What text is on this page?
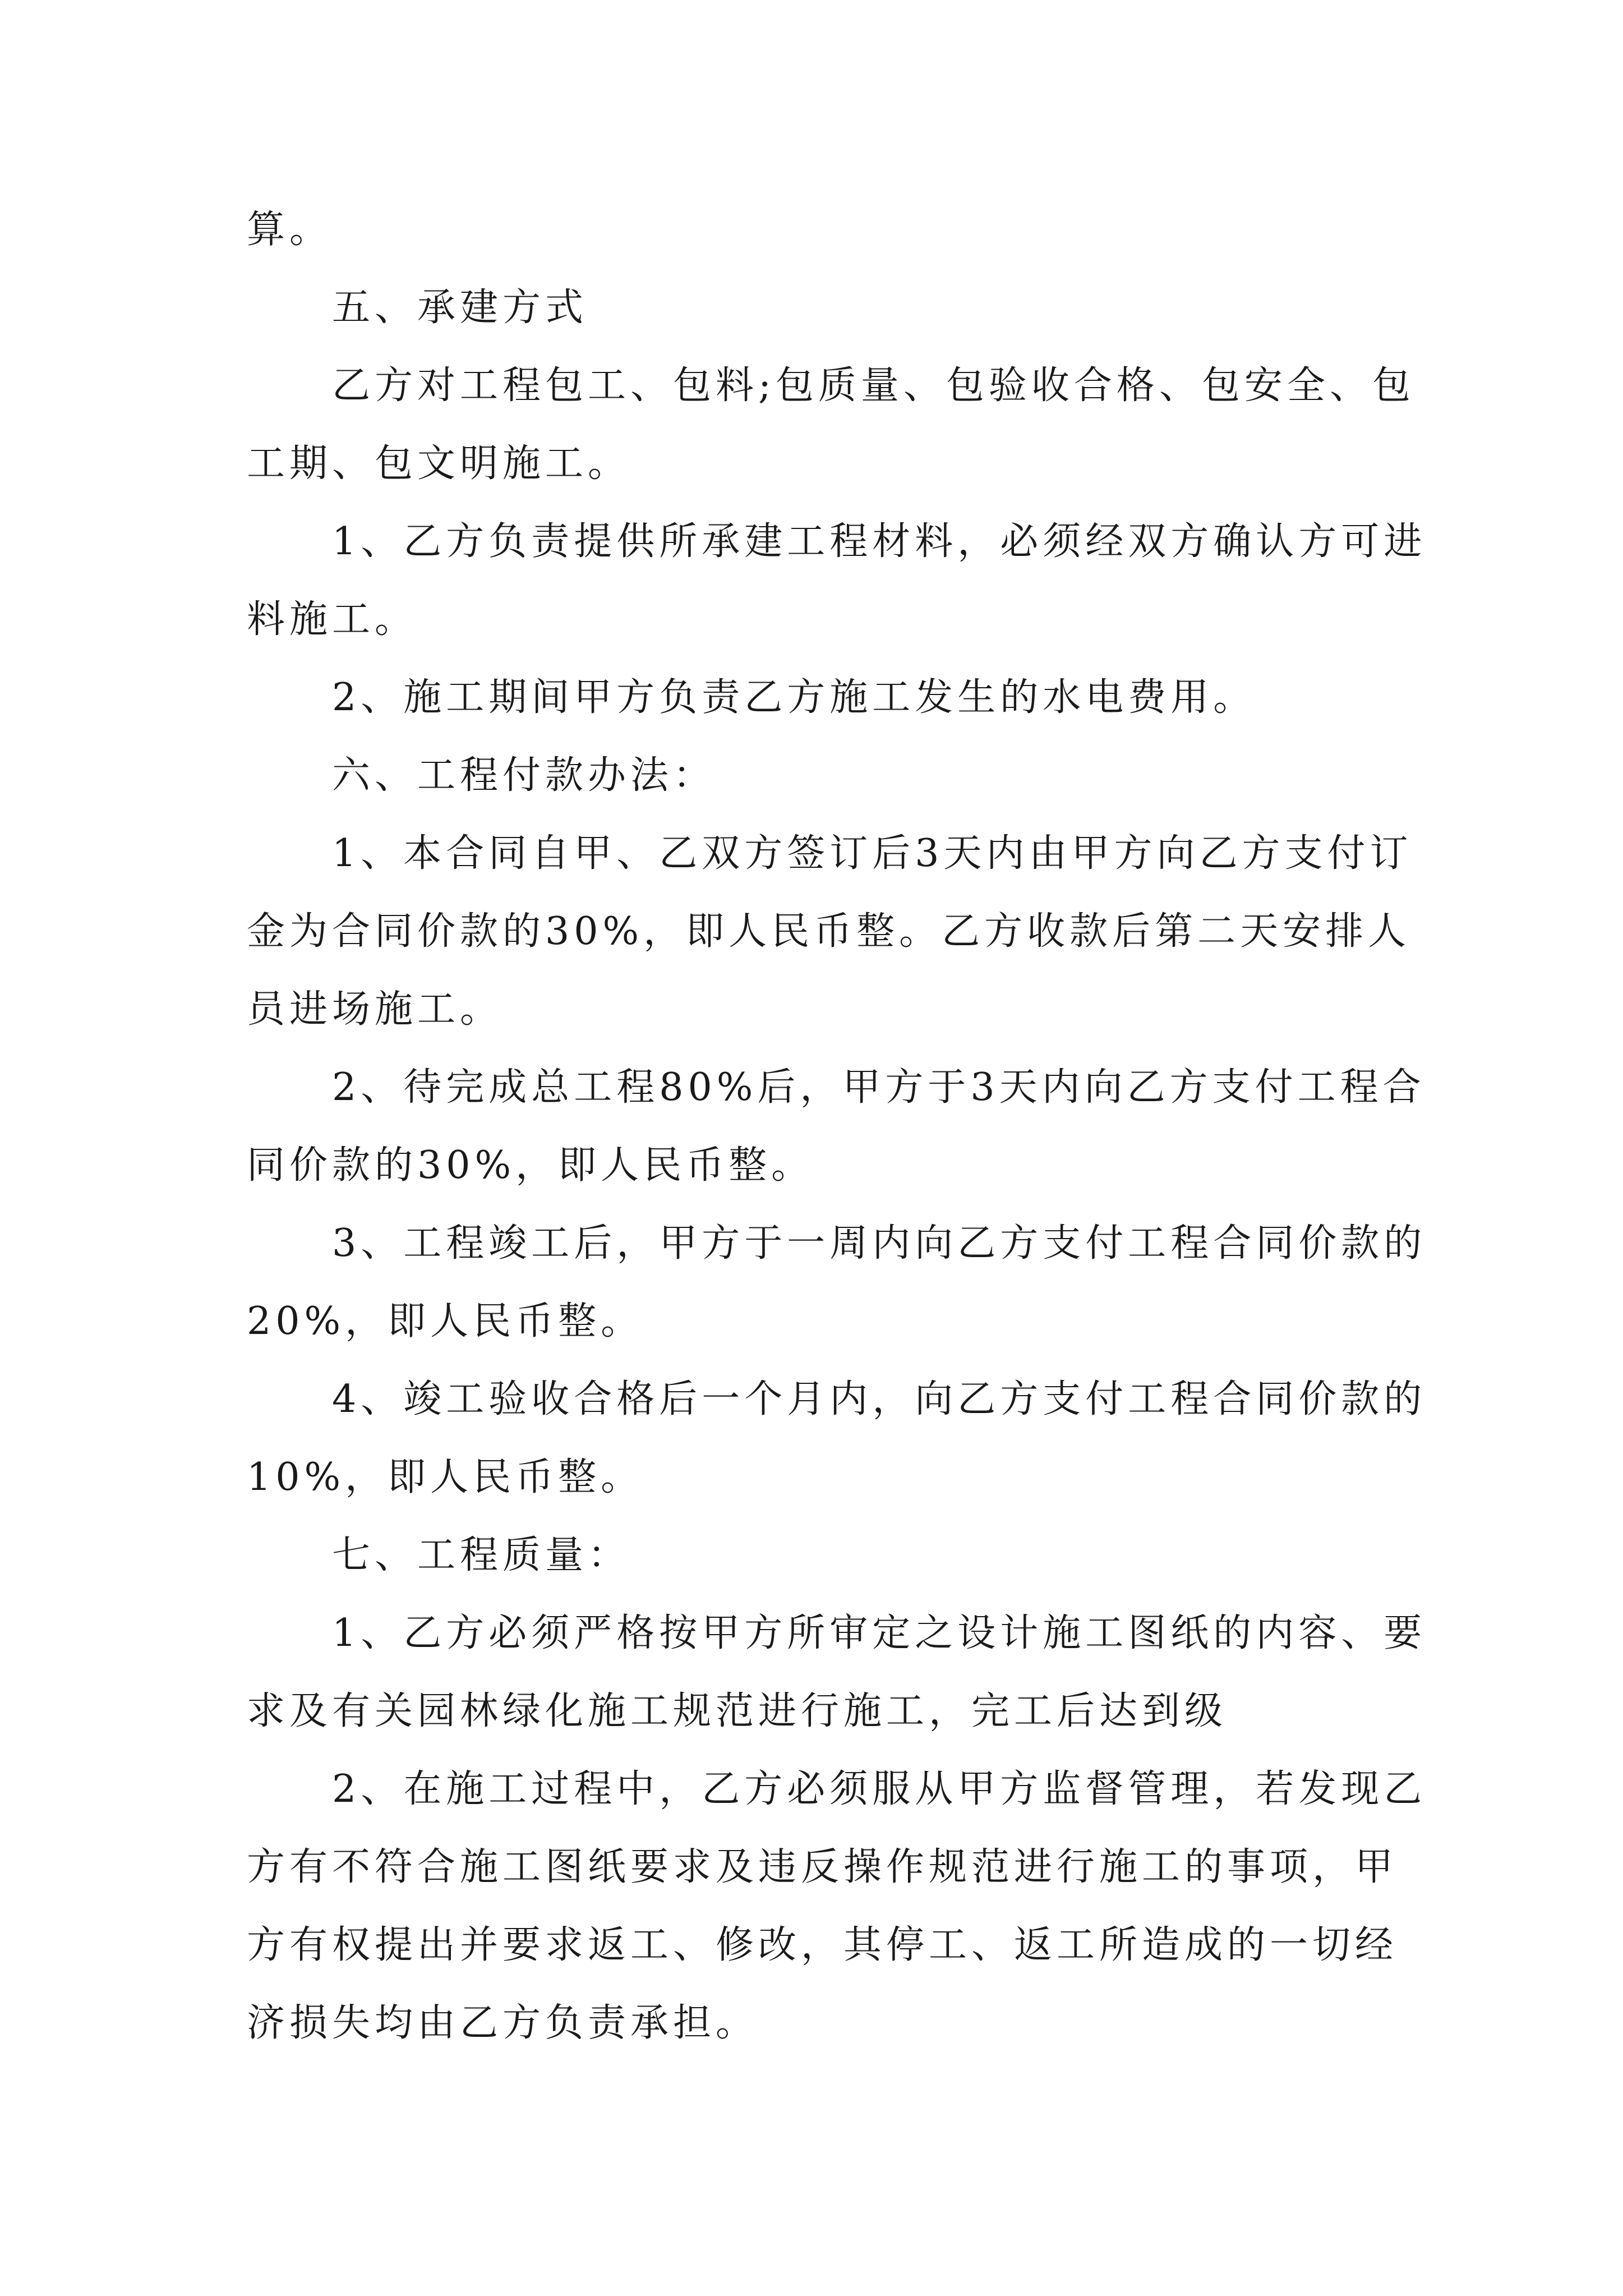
算。

五、承建方式

乙方对工程包工、包料;包质量、包验收合格、包安全、包工期、包文明施工。

1、乙方负责提供所承建工程材料，必须经双方确认方可进料施工。

2、施工期间甲方负责乙方施工发生的水电费用。

六、工程付款办法：

1、本合同自甲、乙双方签订后3天内由甲方向乙方支付订金为合同价款的30%，即人民币整。乙方收款后第二天安排人员进场施工。

2、待完成总工程80%后，甲方于3天内向乙方支付工程合同价款的30%，即人民币整。

3、工程竣工后，甲方于一周内向乙方支付工程合同价款的20%，即人民币整。

4、竣工验收合格后一个月内，向乙方支付工程合同价款的10%，即人民币整。

七、工程质量：

1、乙方必须严格按甲方所审定之设计施工图纸的内容、要求及有关园林绿化施工规范进行施工，完工后达到级

2、在施工过程中，乙方必须服从甲方监督管理，若发现乙方有不符合施工图纸要求及违反操作规范进行施工的事项，甲方有权提出并要求返工、修改，其停工、返工所造成的一切经济损失均由乙方负责承担。
